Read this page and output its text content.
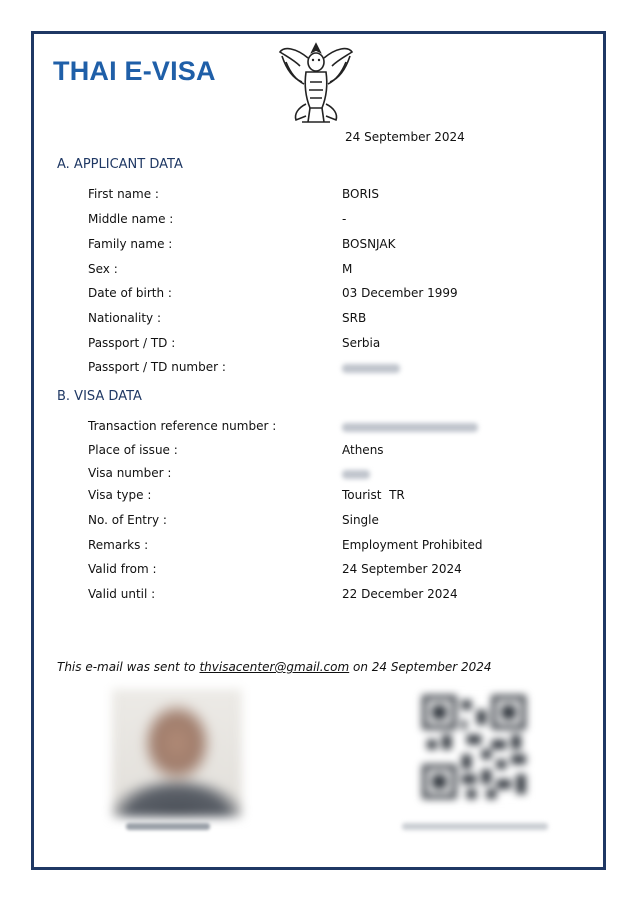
THAI E-VISA
24 September 2024
A. APPLICANT DATA
First name :	BORIS
Middle name :	-
Family name :	BOSNJAK
Sex :	M
Date of birth :	03 December 1999
Nationality :	SRB
Passport / TD :	Serbia
Passport / TD number :
B. VISA DATA
Transaction reference number :
Place of issue :	Athens
Visa number :
Visa type :	Tourist  TR
No. of Entry :	Single
Remarks :	Employment Prohibited
Valid from :	24 September 2024
Valid until :	22 December 2024
This e-mail was sent to thvisacenter@gmail.com on 24 September 2024
